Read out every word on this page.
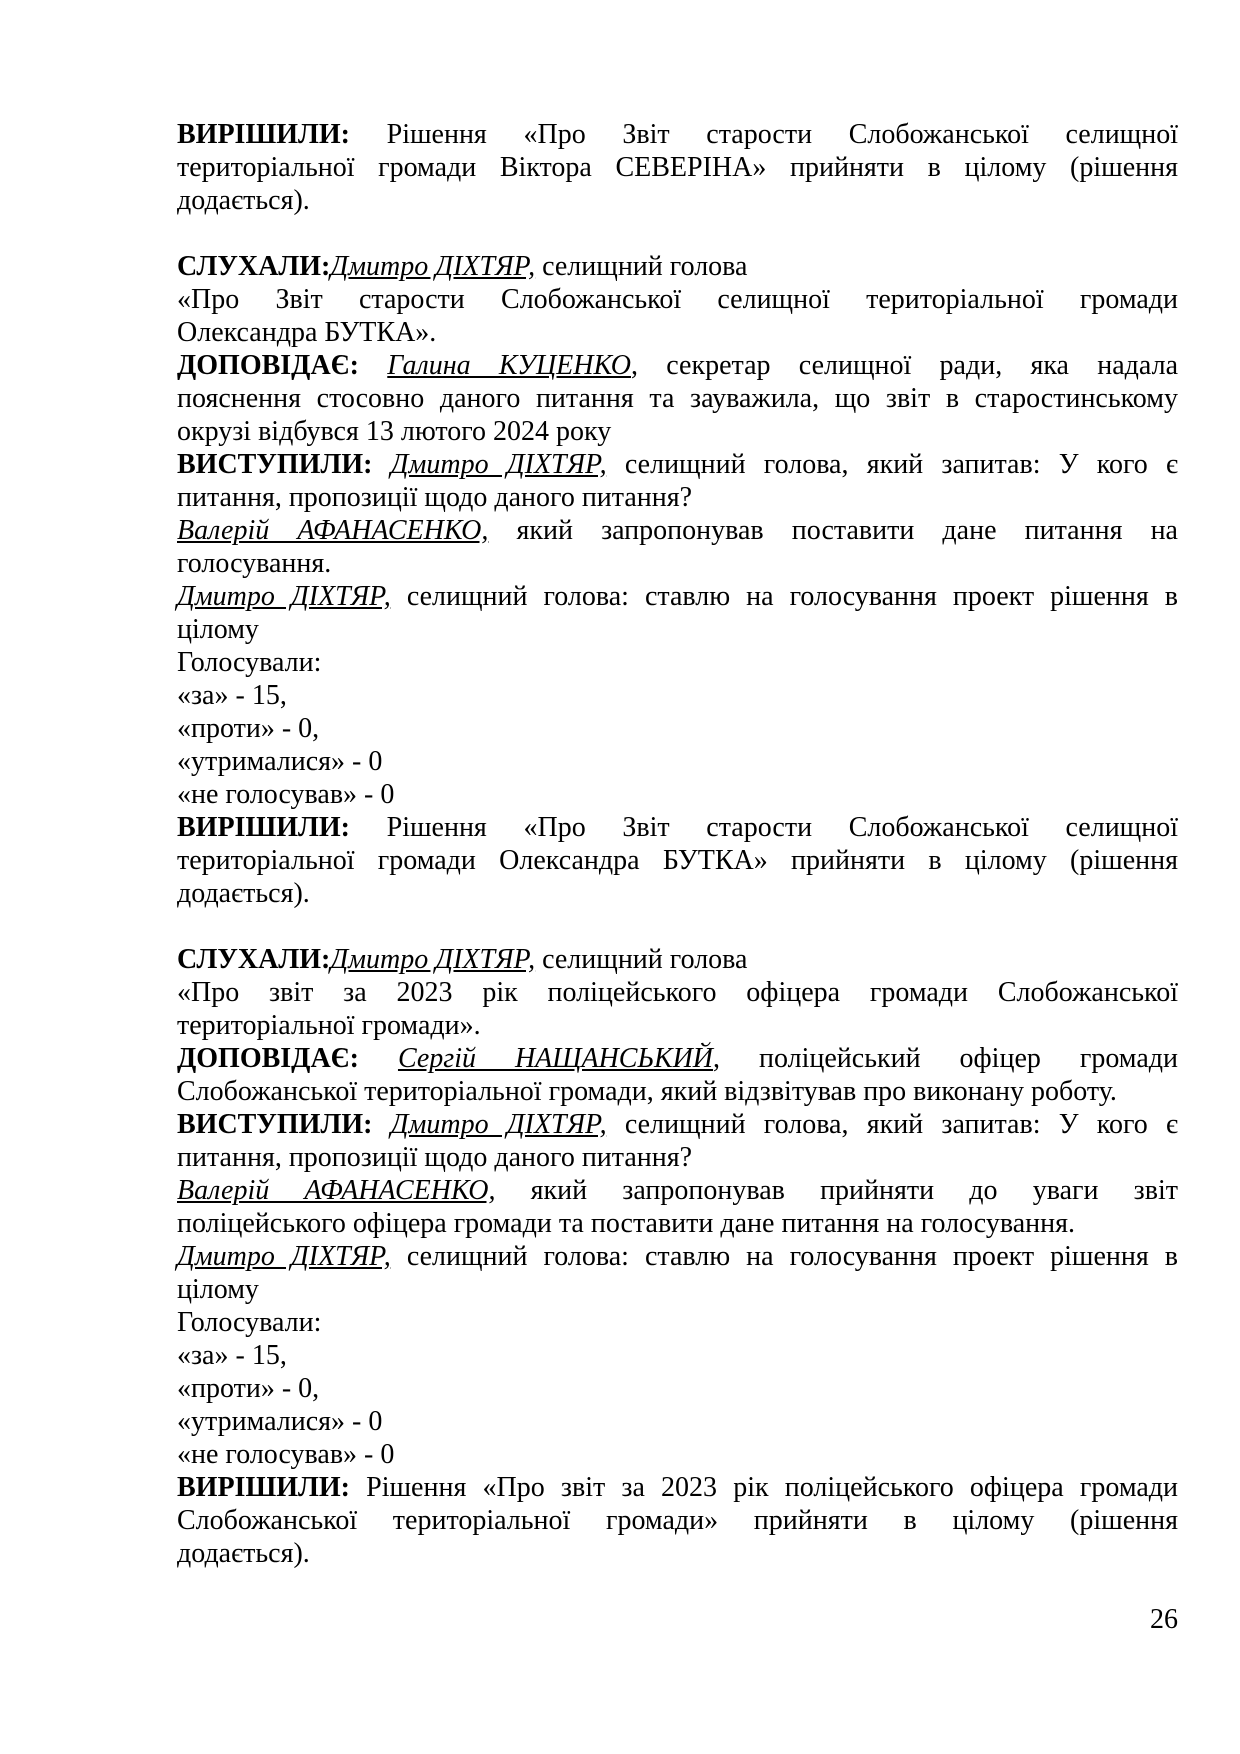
ВИРІШИЛИ: Рішення «Про Звіт старости Слобожанської селищної

територіальної громади Віктора СЕВЕРІНА» прийняти в цілому (рішення

додається).

СЛУХАЛИ:Дмитро ДІХТЯР, селищний голова

«Про Звіт старости Слобожанської селищної територіальної громади

Олександра БУТКА».

ДОПОВІДАЄ: Галина КУЦЕНКО, секретар селищної ради, яка надала

пояснення стосовно даного питання та зауважила, що звіт в старостинському

окрузі відбувся 13 лютого 2024 року

ВИСТУПИЛИ: Дмитро ДІХТЯР, селищний голова, який запитав: У кого є

питання, пропозиції щодо даного питання?

Валерій АФАНАСЕНКО, який запропонував поставити дане питання на

голосування.

Дмитро ДІХТЯР, селищний голова: ставлю на голосування проект рішення в

цілому

Голосували:

«за» - 15,

«проти» - 0,

«утрималися» - 0

«не голосував» - 0

ВИРІШИЛИ: Рішення «Про Звіт старости Слобожанської селищної

територіальної громади Олександра БУТКА» прийняти в цілому (рішення

додається).

СЛУХАЛИ:Дмитро ДІХТЯР, селищний голова

«Про звіт за 2023 рік поліцейського офіцера громади Слобожанської

територіальної громади».

ДОПОВІДАЄ: Сергій НАЩАНСЬКИЙ, поліцейський офіцер громади

Слобожанської територіальної громади, який відзвітував про виконану роботу.

ВИСТУПИЛИ: Дмитро ДІХТЯР, селищний голова, який запитав: У кого є

питання, пропозиції щодо даного питання?

Валерій АФАНАСЕНКО, який запропонував прийняти до уваги звіт

поліцейського офіцера громади та поставити дане питання на голосування.

Дмитро ДІХТЯР, селищний голова: ставлю на голосування проект рішення в

цілому

Голосували:

«за» - 15,

«проти» - 0,

«утрималися» - 0

«не голосував» - 0

ВИРІШИЛИ: Рішення «Про звіт за 2023 рік поліцейського офіцера громади

Слобожанської територіальної громади» прийняти в цілому (рішення

додається).

26
